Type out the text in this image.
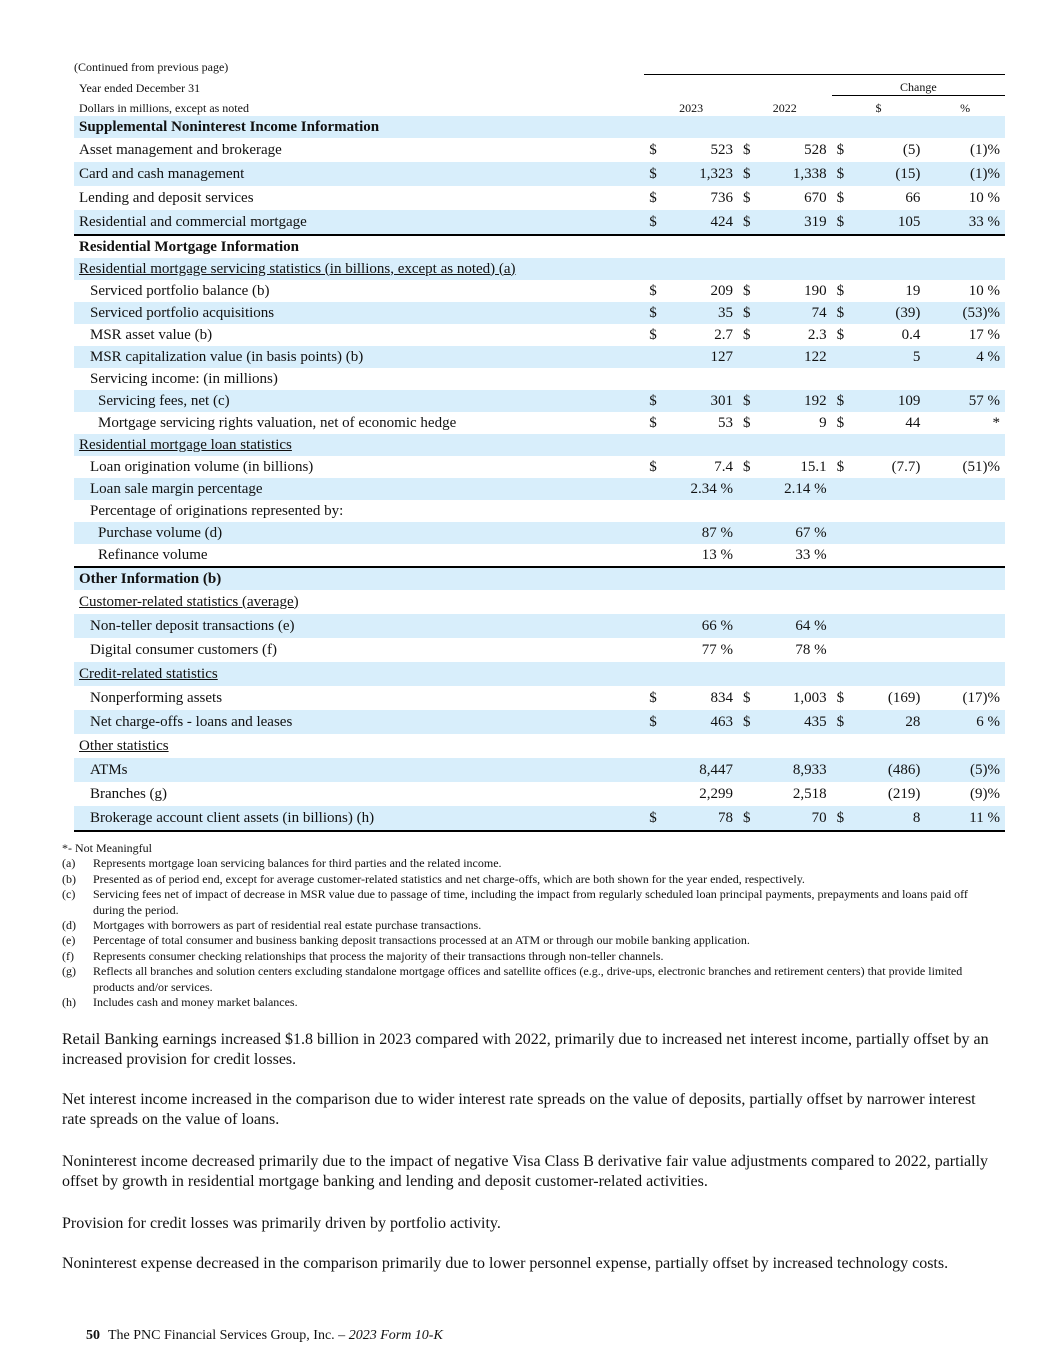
(Continued from previous page)
Year ended December 31					Change		
Dollars in millions, except as noted	2023		2022		$		%
Supplemental Noninterest Income Information							
Asset management and brokerage	$	523	$	528	$	(5)	(1)%
Card and cash management	$	1,323	$	1,338	$	(15)	(1)%
Lending and deposit services	$	736	$	670	$	66	10 %
Residential and commercial mortgage	$	424	$	319	$	105	33 %
Residential Mortgage Information							
Residential mortgage servicing statistics (in billions, except as noted) (a)							
Serviced portfolio balance (b)	$	209	$	190	$	19	10 %
Serviced portfolio acquisitions	$	35	$	74	$	(39)	(53)%
MSR asset value (b)	$	2.7	$	2.3	$	0.4	17 %
MSR capitalization value (in basis points) (b)		127		122		5	4 %
Servicing income: (in millions)							
Servicing fees, net (c)	$	301	$	192	$	109	57 %
Mortgage servicing rights valuation, net of economic hedge	$	53	$	9	$	44	*
Residential mortgage loan statistics							
Loan origination volume (in billions)	$	7.4	$	15.1	$	(7.7)	(51)%
Loan sale margin percentage		2.34 %		2.14 %			
Percentage of originations represented by:							
Purchase volume (d)		87 %		67 %			
Refinance volume		13 %		33 %			
Other Information (b)							
Customer-related statistics (average)							
Non-teller deposit transactions (e)		66 %		64 %			
Digital consumer customers (f)		77 %		78 %			
Credit-related statistics							
Nonperforming assets	$	834	$	1,003	$	(169)	(17)%
Net charge-offs - loans and leases	$	463	$	435	$	28	6 %
Other statistics							
ATMs		8,447		8,933		(486)	(5)%
Branches (g)		2,299		2,518		(219)	(9)%
Brokerage account client assets (in billions) (h)	$	78	$	70	$	8	11 %
*- Not Meaningful
(a)	Represents mortgage loan servicing balances for third parties and the related income.
(b)	Presented as of period end, except for average customer-related statistics and net charge-offs, which are both shown for the year ended, respectively.
(c)	Servicing fees net of impact of decrease in MSR value due to passage of time, including the impact from regularly scheduled loan principal payments, prepayments and loans paid off during the period.
(d)	Mortgages with borrowers as part of residential real estate purchase transactions.
(e)	Percentage of total consumer and business banking deposit transactions processed at an ATM or through our mobile banking application.
(f)	Represents consumer checking relationships that process the majority of their transactions through non-teller channels.
(g)	Reflects all branches and solution centers excluding standalone mortgage offices and satellite offices (e.g., drive-ups, electronic branches and retirement centers) that provide limited products and/or services.
(h)	Includes cash and money market balances.

Retail Banking earnings increased $1.8 billion in 2023 compared with 2022, primarily due to increased net interest income, partially offset by an increased provision for credit losses.

Net interest income increased in the comparison due to wider interest rate spreads on the value of deposits, partially offset by narrower interest rate spreads on the value of loans.

Noninterest income decreased primarily due to the impact of negative Visa Class B derivative fair value adjustments compared to 2022, partially offset by growth in residential mortgage banking and lending and deposit customer-related activities.

Provision for credit losses was primarily driven by portfolio activity.

Noninterest expense decreased in the comparison primarily due to lower personnel expense, partially offset by increased technology costs.

50 The PNC Financial Services Group, Inc. – 2023 Form 10-K
